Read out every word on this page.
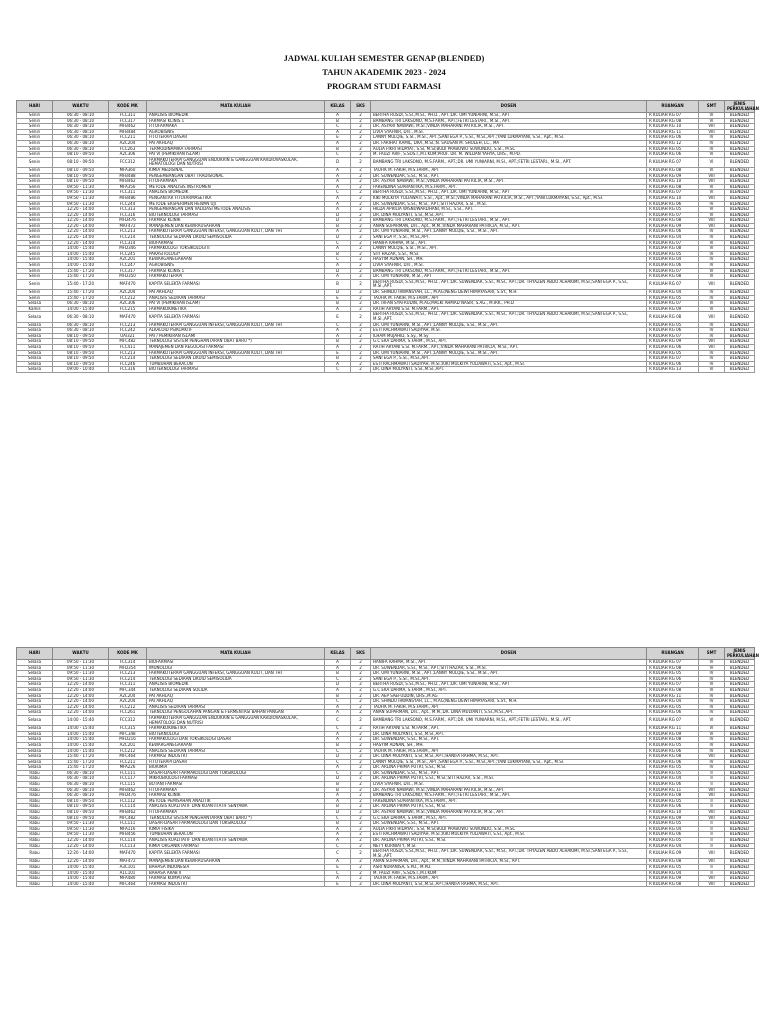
JADWAL KULIAH SEMESTER GENAP (BLENDED)
TAHUN AKADEMIK 2023 - 2024
PROGRAM STUDI FARMASI
HARI	WAKTU	KODE MK	MATA KULIAH	KELAS	SKS	DOSEN	RUANGAN	SMT	JENIS PERKULIAHAN
Senin	06:30 - 08:10	FCC311	ANALISIS BIOMEDIK	A	2	BERTHA RUSDI, S.SI.,M.SI., PH.D., APT.;DR. UMI YUNIARNI, M.SI., APT	R KULIAH RG 07	VI	BLENDED
Senin	06:30 - 08:10	FCC317	FARMASI KLINIS 1	B	2	BAMBANG TRI LAKSONO, M.S.FARM., APT.;FETRI LESTARI., M.SI., APT.	R KULIAH RG 08	VI	BLENDED
Senin	06:30 - 08:10	MFB462	FITOFARMAKA	C	2	DR. ASYARI NAWAWI, M.SI.;VINDA MAHARANI PATRICIA, M.SI., APT.	R KULIAH RG 10	VIII	BLENDED
Senin	06:30 - 08:10	MFB484	AGROBISNIS	A	2	LIVIA SYAFNIR, Drs., M.SI.	R KULIAH RG 11	VIII	BLENDED
Senin	06:30 - 08:10	FCC211	FITOTERAPI DASAR	E	2	LANNY MULQIE, S.SI., M.SI., APT.;SANI EGA P., S.SI., M.SI.,APT.;YANI LUKMAYANI, S.SI., Apt., M.SI.	R KULIAH RG 06	IV	BLENDED
Senin	06:30 - 08:10	A2C204	PAI AKHLAQ	A	2	DR. FARIHAT KAMIL, DRA.,M.SI.;N. SAUSAN M. SHOLEH, LC., MA	R KULIAH RG 12	IV	BLENDED
Senin	06:30 - 08:10	FCC263	TERMODINAMIKA FARMASI	B	2	AULIA FIKRI HIDAYAT, S.SI, M.SI;BUDI PRABOWO SUWONDO, S.SI., M.SC	R KULIAH RG 05	IV	BLENDED
Senin	08:10 - 09:50	A2C306	PAI VI (PEMIKIRAN ISLAM)	C	2	M. FAUZI ARIF, S.SOS.I.,M.I.KOM;PROF. DR. M. WILDAN YAHYA, DRS., M.PD.	R KULIAH RG 06	VI	BLENDED
Senin	08:10 - 09:50	FCC312	FARMAKOTERAPI GANGGUAN ENDOKRIN & GANGGUAN KARDIOVASKULAR, HEMATOLOGI DAN NUTRISI	D	2	BAMBANG TRI LAKSONO, M.S.FARM., APT.;DR. UMI YUNIARNI, M.SI., APT.;FETRI LESTARI., M.SI., APT.	R KULIAH RG 07	VI	BLENDED
Senin	08:10 - 09:50	MFA360	KIMIA MEDISINAL	A	2	TAUFIK M. FAKIH, M.S.FARM., APT	R KULIAH RG 08	VI	BLENDED
Senin	08:10 - 09:50	MFB488	PENGEMBANGAN OBAT TRADISIONAL	A	2	DR. SUWENDAR, S.SI., M.SI., APT.	R KULIAH RG 09	VIII	BLENDED
Senin	08:10 - 09:50	MFB462	FITOFARMAKA	A	2	DR. ASYARI NAWAWI, M.SI.;VINDA MAHARANI PATRICIA, M.SI., APT.	R KULIAH RG 10	VIII	BLENDED
Senin	09:50 - 11:30	MFA356	METODE ANALISIS INSTRUMEN	A	2	FARENDINA SUARANTIKA, M.S.FARM., APT.	R KULIAH RG 08	VI	BLENDED
Senin	09:50 - 11:30	FCC311	ANALISIS BIOMEDIK	C	2	BERTHA RUSDI, S.SI.,M.SI., PH.D., APT.;DR. UMI YUNIARNI, M.SI., APT	R KULIAH RG 07	VI	BLENDED
Senin	09:50 - 11:30	MFB486	PENGANTAR FITOFARMASETIKA	A	2	KIKI MULKIYA YULIAWATI, S.SI., Apt., M.SI.;VINDA MAHARANI PATRICIA, M.SI., APT.;YANI LUKMAYANI, S.SI., Apt., M.SI.	R KULIAH RG 10	VIII	BLENDED
Senin	09:50 - 11:30	FCC244	METODE EKSPERIMEN HEWAN UJI	A	2	DR. SUWENDAR, S.SI., M.SI., APT.;SITI HAZAR, S.SI., M.SI.	R KULIAH RG 06	IV	BLENDED
Senin	12:20 - 14:00	FCC313	PENGEMBANGAN DAN VALIDASI METODE ANALISIS	A	2	HILDA APRILIA WISNUWARDHANI, M.SI., S.SI., APT.	R KULIAH RG 05	VI	BLENDED
Senin	12:20 - 14:00	FCC316	BIOTEKNOLOGI FARMASI	D	2	DR. DINA MULYANTI, S.SI.,M.SI.,APT.	R KULIAH RG 07	VI	BLENDED
Senin	12:20 - 14:00	MFD476	FARMASI KLINIK	D	2	BAMBANG TRI LAKSONO, M.S.FARM., APT.;FETRI LESTARI., M.SI., APT.	R KULIAH RG 08	VIII	BLENDED
Senin	12:20 - 14:00	MAF472	MANAJEMEN DAN KEWIRAUSAHAAN	B	2	ANAN SUPARMAN, Drs., Apt., M.M.;VINDA MAHARANI PATRICIA, M.SI., APT.	R KULIAH RG 09	VIII	BLENDED
Senin	12:20 - 14:00	FCC213	FARMAKOTERAPI GANGGUAN INFEKSI, GANGGUAN KULIT, DAN THT	A	2	DR. UMI YUNIARNI, M.SI., APT.;LANNY MULQIE, S.SI., M.SI., APT.	R KULIAH RG 06	IV	BLENDED
Senin	12:20 - 14:00	FCC214	TEKNOLOGI SEDIAAN LIKUID SEMISOLIDA	D	2	SANI EGA P., S.SI., M.SI.,APT.	R KULIAH RG 04	IV	BLENDED
Senin	12:20 - 14:00	FCC314	BIOFARMASI	C	2	HANIFA RAHMA, M.SI., APT.	R KULIAH RG 07	VI	BLENDED
Senin	14:00 - 15:40	MFD346	FARMAKOLOGI TOKSIKOLOGI II	A	2	LANNY MULQIE, S.SI., M.SI., APT.	R KULIAH RG 08	VI	BLENDED
Senin	14:00 - 15:40	FCC245	PARASITOLOGI*	B	2	SITI HAZAR, S.SI., M.SI.	R KULIAH RG 05	IV	BLENDED
Senin	14:00 - 15:40	A2C201	KEWARGANEGARAAN	C	2	HASYIM ADNAN, SH., MH.	R KULIAH RG 04	IV	BLENDED
Senin	14:00 - 15:40	FCC247	AGROBISNIS	A	2	LIVIA SYAFNIR, Drs., M.SI.	R KULIAH RG 06	IV	BLENDED
Senin	15:40 - 17:20	FCC317	FARMASI KLINIS 1	D	2	BAMBANG TRI LAKSONO, M.S.FARM., APT.;FETRI LESTARI., M.SI., APT.	R KULIAH RG 07	VI	BLENDED
Senin	15:40 - 17:20	MFD350	FARMAKOTERAPI	A	2	DR. UMI YUNIARNI, M.SI., APT	R KULIAH RG 08	VI	BLENDED
Senin	15:40 - 17:20	MAF470	KAPITA SELEKTA FARMASI	B	2	BERTHA RUSDI, S.SI.,M.SI., PH.D., APT.;DR. SUWENDAR, S.SI., M.SI., APT.;DR. THYAZEN ABDO ALHAKIMI, M.SI.;SANI EGA P., S.SI., M.SI.,APT.	R KULIAH RG 07	VIII	BLENDED
Senin	15:40 - 17:20	A2C204	PAI AKHLAQ	D	2	DR. SHINDU IRWANSYAH, LC., M.AG;NENG DEWI HIMAYASARI, S.SY., M.H.	R KULIAH RG 04	IV	BLENDED
Senin	15:40 - 17:20	FCC212	ANALISIS SEDIAAN FARMASI	E	2	TAUFIK M. FAKIH, M.S.FARM., APT	R KULIAH RG 05	IV	BLENDED
Selasa	06:30 - 08:10	A2C306	PAI VI (PEMIKIRAN ISLAM)	B	2	DR. IRFAN SYAFRUDIN, M.AG;MALKI AHMAD NASIR, S.AG., M.IRK., PH.D	R KULIAH RG 07	VI	BLENDED
Kamis	14:00 - 15:40	FCC215	FARMAKOKINETIKA	A	2	RATIH ARYANI S.SI. M.FARM., APT.	R KULIAH RG 09	VI	BLENDED
Selasa	06:30 - 08:10	MAF470	KAPITA SELEKTA FARMASI	E	2	BERTHA RUSDI, S.SI.,M.SI., PH.D., APT.;DR. SUWENDAR, S.SI., M.SI., APT.;DR. THYAZEN ABDO ALHAKIMI, M.SI.;SANI EGA P., S.SI., M.SI.,APT.	R KULIAH RG 08	VIII	BLENDED
Selasa	06:30 - 08:10	FCC213	FARMAKOTERAPI GANGGUAN INFEKSI, GANGGUAN KULIT, DAN THT	C	2	DR. UMI YUNIARNI, M.SI., APT.;LANNY MULQIE, S.SI., M.SI., APT.	R KULIAH RG 05	IV	BLENDED
Selasa	06:30 - 08:10	FCC242	ALKALOID PSIKOAKTIF	A	2	ESTI RACHMAWATI SADIYAH, M.SI.	R KULIAH RG 06	IV	BLENDED
Selasa	08:10 - 09:50	UAI321	PAI / PEMIKIRAN ISLAMI	A	2	ILHAM MUJAHID, S.Sy., M.Sy	R KULIAH RG 07	IV	BLENDED
Selasa	08:10 - 09:50	MFC482	TEKNOLOGI SISTEM PENGHANTARAN OBAT BARU *)	B	2	G.C EKA DARMA, S.FARM., M.SI., APT.	R KULIAH RG 09	VIII	BLENDED
Selasa	08:10 - 09:50	FCC411	MANAJEMEN DAN REGULASI FARMASI	A	2	RATIH ARYANI S.SI. M.FARM., APT.;VINDA MAHARANI PATRICIA, M.SI., APT.	R KULIAH RG 06	VIII	BLENDED
Selasa	08:10 - 09:50	FCC213	FARMAKOTERAPI GANGGUAN INFEKSI, GANGGUAN KULIT, DAN THT	E	2	DR. UMI YUNIARNI, M.SI., APT.;LANNY MULQIE, S.SI., M.SI., APT.	R KULIAH RG 05	IV	BLENDED
Selasa	08:10 - 09:50	FCC214	TEKNOLOGI SEDIAAN LIKUID SEMISOLIDA	B	2	SANI EGA P., S.SI., M.SI.,APT.	R KULIAH RG 07	IV	BLENDED
Selasa	08:10 - 09:50	FCC246	TUMBUHAN BERACUN	A	2	ESTI RACHMAWATI SADIYAH, M.SI.;KIKI MULKIYA YULIAWATI, S.SI., Apt., M.SI.	R KULIAH RG 06	IV	BLENDED
Selasa	09:00 - 10:40	FCC316	BIOTEKNOLOGI FARMASI	C	2	DR. DINA MULYANTI, S.SI.,M.SI.,APT.	R KULIAH RG 13	VI	BLENDED
HARI	WAKTU	KODE MK	MATA KULIAH	KELAS	SKS	DOSEN	RUANGAN	SMT	JENIS PERKULIAHAN
Selasa	09:50 - 11:30	FCC314	BIOFARMASI	A	2	HANIFA RAHMA, M.SI., APT.	R KULIAH RG 07	VI	BLENDED
Selasa	09:50 - 11:30	MFD354	IMUNOLOGI	A	2	DR. SUWENDAR, S.SI., M.SI., APT.;SITI HAZAR, S.SI., M.SI.	R KULIAH RG 08	VI	BLENDED
Selasa	09:50 - 11:30	FCC213	FARMAKOTERAPI GANGGUAN INFEKSI, GANGGUAN KULIT, DAN THT	B	2	DR. UMI YUNIARNI, M.SI., APT.;LANNY MULQIE, S.SI., M.SI., APT.	R KULIAH RG 05	IV	BLENDED
Selasa	09:50 - 11:30	FCC214	TEKNOLOGI SEDIAAN LIKUID SEMISOLIDA	C	2	SANI EGA P., S.SI., M.SI.,APT.	R KULIAH RG 06	IV	BLENDED
Selasa	12:20 - 14:00	FCC311	ANALISIS BIOMEDIK	D	2	BERTHA RUSDI, S.SI.,M.SI., PH.D., APT.;DR. UMI YUNIARNI, M.SI., APT	R KULIAH RG 07	VI	BLENDED
Selasa	12:20 - 14:00	MFC344	TEKNOLOGI SEDIAAN SOLIDA	A	2	G.C EKA DARMA, S.FARM., M.SI., APT.	R KULIAH RG 08	VI	BLENDED
Selasa	12:20 - 14:00	A2C204	PAI AKHLAQ	B	2	DR. AEP SAEFUDDIN, DRS.,M.AG	R KULIAH RG 11	IV	BLENDED
Selasa	12:20 - 14:00	A2C204	PAI AKHLAQ	C	2	DR. SHINDU IRWANSYAH, LC., M.AG;NENG DEWI HIMAYASARI, S.SY., M.H.	R KULIAH RG 04	IV	BLENDED
Selasa	12:20 - 14:00	FCC212	ANALISIS SEDIAAN FARMASI	A	2	TAUFIK M. FAKIH, M.S.FARM., APT	R KULIAH RG 05	IV	BLENDED
Selasa	12:20 - 14:00	FCC261	TEKNOLOGI PENGOLAHAN PANGAN & FERMENTASI BAHAN PANGAN	A	2	ANAN SUPARMAN, Drs., Apt., M.M.;DR. DINA MULYANTI, S.SI.,M.SI.,APT.	R KULIAH RG 06	IV	BLENDED
Selasa	14:00 - 15:40	FCC312	FARMAKOTERAPI GANGGUAN ENDOKRIN & GANGGUAN KARDIOVASKULAR, HEMATOLOGI DAN NUTRISI	C	2	BAMBANG TRI LAKSONO, M.S.FARM., APT.;DR. UMI YUNIARNI, M.SI., APT.;FETRI LESTARI., M.SI., APT.	R KULIAH RG 07	VI	BLENDED
Selasa	14:00 - 15:40	FCC315	FARMAKOKINETIKA	C	2	RATIH ARYANI S.SI. M.FARM., APT.	R KULIAH RG 11	VI	BLENDED
Selasa	14:00 - 15:40	MFC348	BIOTEKNOLOGI	A	2	DR. DINA MULYANTI, S.SI.,M.SI.,APT.	R KULIAH RG 09	VI	BLENDED
Selasa	14:00 - 15:40	MFD216	FARMAKOLOGI DAN TOKSIKOLOGI DASAR	A	2	DR. SUWENDAR, S.SI., M.SI., APT.	R KULIAH RG 08	IV	BLENDED
Selasa	14:00 - 15:40	A2C201	KEWARGANEGARAAN	B	2	HASYIM ADNAN, SH., MH.	R KULIAH RG 05	IV	BLENDED
Selasa	14:00 - 15:40	FCC212	ANALISIS SEDIAAN FARMASI	C	2	TAUFIK M. FAKIH, M.S.FARM., APT	R KULIAH RG 06	IV	BLENDED
Selasa	15:40 - 17:20	MFC464	FARMASI INDUSTRI	D	2	DR. DINA MULYANTI, S.SI.,M.SI.,APT.;HANIFA RAHMA, M.SI., APT.	R KULIAH RG 08	VIII	BLENDED
Selasa	15:40 - 17:20	FCC211	FITOTERAPI DASAR	C	2	LANNY MULQIE, S.SI., M.SI., APT.;SANI EGA P., S.SI., M.SI.,APT.;YANI LUKMAYANI, S.SI., Apt., M.SI.	R KULIAH RG 06	IV	BLENDED
Selasa	15:40 - 17:20	MFA226	BIOKIMIA	A	2	DR. ARLINA PRIMA PUTRI, S.SI., M.SI.	R KULIAH RG 05	IV	BLENDED
Rabu	06:30 - 08:10	FCC111	DASAR-DASAR FARMAKOLOGI DAN TOKSIKOLOGI	C	2	DR. SUWENDAR, S.SI., M.SI., APT.	R KULIAH RG 05	II	BLENDED
Rabu	06:30 - 08:10	FCC117	MIKROBIOLOGI FARMASI	D	2	DR. ARLINA PRIMA PUTRI, S.SI., M.SI.;SITI HAZAR, S.SI., M.SI.	R KULIAH RG 04	II	BLENDED
Rabu	06:30 - 08:10	FCC115	BOTANI FARMASI	B	2	LIVIA SYAFNIR, Drs., M.SI.	R KULIAH RG 06	II	BLENDED
Rabu	06:30 - 08:10	MFB462	FITOFARMAKA	B	2	DR. ASYARI NAWAWI, M.SI.;VINDA MAHARANI PATRICIA, M.SI., APT.	R KULIAH RG 11	VIII	BLENDED
Rabu	06:30 - 08:10	MFD476	FARMASI KLINIK	A	2	BAMBANG TRI LAKSONO, M.S.FARM., APT.;FETRI LESTARI., M.SI., APT.	R KULIAH RG 08	VIII	BLENDED
Rabu	08:10 - 09:50	FCC112	METODE PEMISAHAN ANALITIK	A	2	FARENDINA SUARANTIKA, M.S.FARM., APT.	R KULIAH RG 05	II	BLENDED
Rabu	08:10 - 09:50	FCC114	ANALISIS KUALITATIF DAN KUANTITATIF SENYAWA	B	2	DR. ARLINA PRIMA PUTRI, S.SI., M.SI.	R KULIAH RG 06	II	BLENDED
Rabu	08:10 - 09:50	MFB462	FITOFARMAKA	D	2	DR. ASYARI NAWAWI, M.SI.;VINDA MAHARANI PATRICIA, M.SI., APT.	R KULIAH RG 10	VIII	BLENDED
Rabu	08:10 - 09:50	MFC482	TEKNOLOGI SISTEM PENGHANTARAN OBAT BARU *)	C	2	G.C EKA DARMA, S.FARM., M.SI., APT.	R KULIAH RG 09	VIII	BLENDED
Rabu	09:50 - 11:30	FCC111	DASAR-DASAR FARMAKOLOGI DAN TOKSIKOLOGI	B	2	DR. SUWENDAR, S.SI., M.SI., APT.	R KULIAH RG 05	II	BLENDED
Rabu	09:50 - 11:30	MFA116	KIMIA FISIKA	A	2	AULIA FIKRI HIDAYAT, S.SI, M.SI;BUDI PRABOWO SUWONDO, S.SI., M.SC	R KULIAH RG 04	II	BLENDED
Rabu	09:50 - 11:30	MFB456	TUMBUHAN BERACUN	A	2	ESTI RACHMAWATI SADIYAH, M.SI.;KIKI MULKIYA YULIAWATI, S.SI., Apt., M.SI.	R KULIAH RG 06	II	BLENDED
Rabu	12:20 - 14:00	FCC114	ANALISIS KUALITATIF DAN KUANTITATIF SENYAWA	A	2	DR. ARLINA PRIMA PUTRI, S.SI., M.SI.	R KULIAH RG 05	II	BLENDED
Rabu	12:20 - 14:00	FCC113	KIMIA ORGANIK FARMASI	C	2	NETY KURNIATY, M.SI.	R KULIAH RG 04	II	BLENDED
Rabu	12:20 - 14:00	MAF470	KAPITA SELEKTA FARMASI	C	2	BERTHA RUSDI, S.SI.,M.SI., PH.D., APT.;DR. SUWENDAR, S.SI., M.SI., APT.;DR. THYAZEN ABDO ALHAKIMI, M.SI.;SANI EGA P., S.SI., M.SI.,APT.	R KULIAH RG 09	VIII	BLENDED
Rabu	12:20 - 14:00	MAF472	MANAJEMEN DAN KEWIRAUSAHAAN	A	2	ANAN SUPARMAN, Drs., Apt., M.M.;VINDA MAHARANI PATRICIA, M.SI., APT.	R KULIAH RG 08	VIII	BLENDED
Rabu	14:00 - 15:40	A3C101	BAHASA INDONESIA	E	2	ASRI NURANISA, S.PD., M.PD.	R KULIAH RG 05	II	BLENDED
Rabu	14:00 - 15:40	A1C101	BAHASA ARAB II	C	2	M. FAUZI ARIF, S.SOS.I.,M.I.KOM	R KULIAH RG 04	II	BLENDED
Rabu	14:00 - 15:40	MFA480	FARMASI KOMPUTASI	A	2	TAUFIK M. FAKIH, M.S.FARM., APT	R KULIAH RG 09	VIII	BLENDED
Rabu	14:00 - 15:40	MFC464	FARMASI INDUSTRI	E	2	DR. DINA MULYANTI, S.SI.,M.SI.,APT.;HANIFA RAHMA, M.SI., APT.	R KULIAH RG 08	VIII	BLENDED
